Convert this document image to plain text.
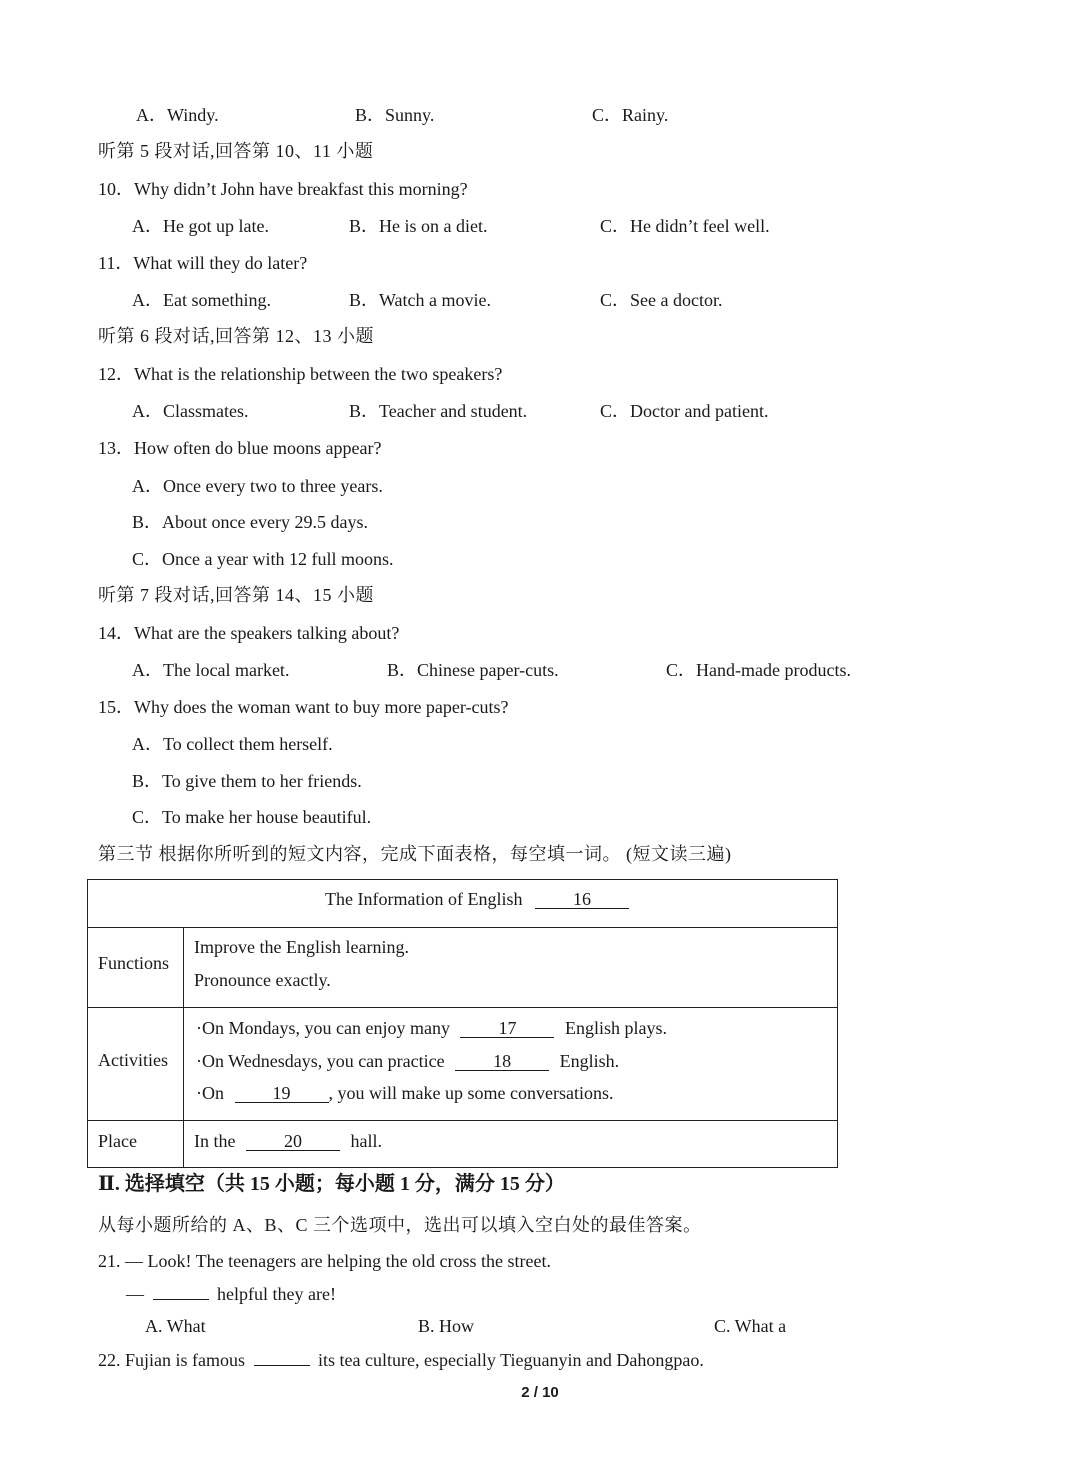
A．Windy.	B．Sunny.	C．Rainy.
听第 5 段对话,回答第 10、11 小题
10．Why didn’t John have breakfast this morning?
A．He got up late.	B．He is on a diet.	C．He didn’t feel well.
11．What will they do later?
A．Eat something.	B．Watch a movie.	C．See a doctor.
听第 6 段对话,回答第 12、13 小题
12．What is the relationship between the two speakers?
A．Classmates.	B．Teacher and student.	C．Doctor and patient.
13．How often do blue moons appear?
A．Once every two to three years.
B．About once every 29.5 days.
C．Once a year with 12 full moons.
听第 7 段对话,回答第 14、15 小题
14．What are the speakers talking about?
A．The local market.	B．Chinese paper-cuts.	C．Hand-made products.
15．Why does the woman want to buy more paper-cuts?
A．To collect them herself.
B．To give them to her friends.
C．To make her house beautiful.
第三节 根据你所听到的短文内容，完成下面表格，每空填一词。 (短文读三遍)
The Information of English	16
Functions
Improve the English learning.
Pronounce exactly.
Activities
·On Mondays, you can enjoy many	17	English plays.
·On Wednesdays, you can practice	18	English.
·On	19 , you will make up some conversations.
Place	In the	20	hall.
Ⅱ. 选择填空（共 15 小题；每小题 1 分，满分 15 分）
从每小题所给的 A、B、C 三个选项中，选出可以填入空白处的最佳答案。
21. — Look! The teenagers are helping the old cross the street.
—	helpful they are!
A. What	B. How	C. What a
22. Fujian is famous	its tea culture, especially Tieguanyin and Dahongpao.
2 / 10
